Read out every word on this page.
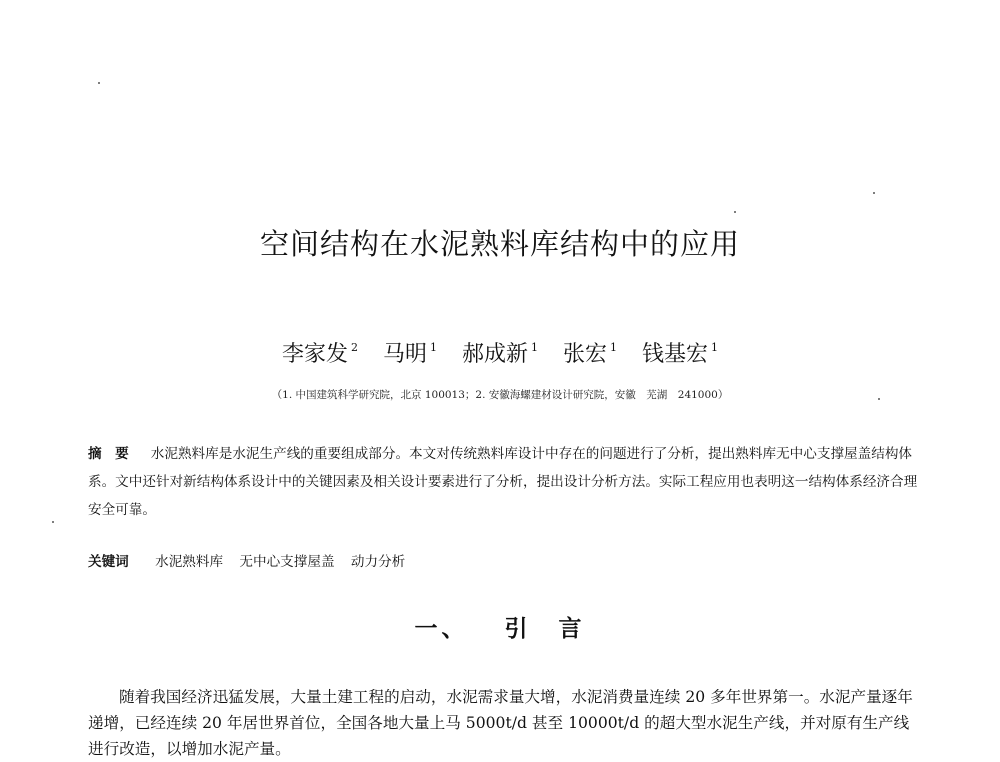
空间结构在水泥熟料库结构中的应用
李家发 $^2$ 马明 $^1$ 郝成新 $^1$ 张宏 $^1$ 钱基宏 $^1$
（1. 中国建筑科学研究院，北京 100013；2. 安徽海螺建材设计研究院，安徽　芜湖　241000）
摘　要 水泥熟料库是水泥生产线的重要组成部分。本文对传统熟料库设计中存在的问题进行了分析，提出熟料库无中心支撑屋盖结构体系。文中还针对新结构体系设计中的关键因素及相关设计要素进行了分析，提出设计分析方法。实际工程应用也表明这一结构体系经济合理安全可靠。
关键词 水泥熟料库 无中心支撑屋盖 动力分析
一、 引　言

随着我国经济迅猛发展，大量土建工程的启动，水泥需求量大增，水泥消费量连续 20 多年世界第一。水泥产量逐年递增，已经连续 20 年居世界首位，全国各地大量上马 5000t/d 甚至 10000t/d 的超大型水泥生产线，并对原有生产线进行改造，以增加水泥产量。
